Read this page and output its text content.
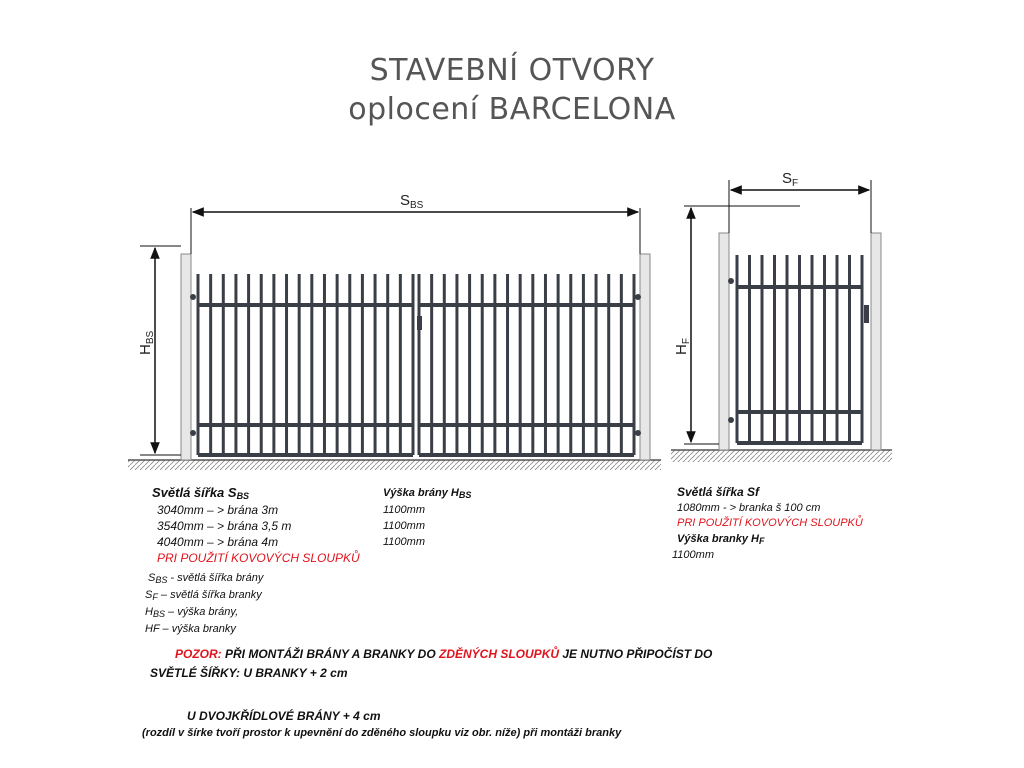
STAVEBNÍ OTVORY
oplocení BARCELONA
$S_{BS}$
$H_{BS}$
$S_F$
$H_F$
Světlá šířka $S_{BS}$
3040mm – > brána 3m
3540mm – > brána 3,5 m
4040mm – > brána 4m
PRI POUŽITÍ KOVOVÝCH SLOUPKŮ
Výška brány $H_{BS}$
1100mm
1100mm
1100mm
Světlá šířka Sf
1080mm - > branka š 100 cm
PRI POUŽITÍ KOVOVÝCH SLOUPKŮ
Výška branky $H_F$
1100mm
$S_{BS}$ - světlá šířka brány
$S_F$ – světlá šířka branky
$H_{BS}$ – výška brány,
HF – výška branky
POZOR: PŘI MONTÁŽI BRÁNY A BRANKY DO ZDĚNÝCH SLOUPKŮ JE NUTNO PŘIPOČÍST DO
SVĚTLÉ ŠÍŘKY: U BRANKY + 2 cm
U DVOJKŘÍDLOVÉ BRÁNY + 4 cm
(rozdíl v šírke tvoří prostor k upevnění do zděného sloupku viz obr. níže) při montáži branky
